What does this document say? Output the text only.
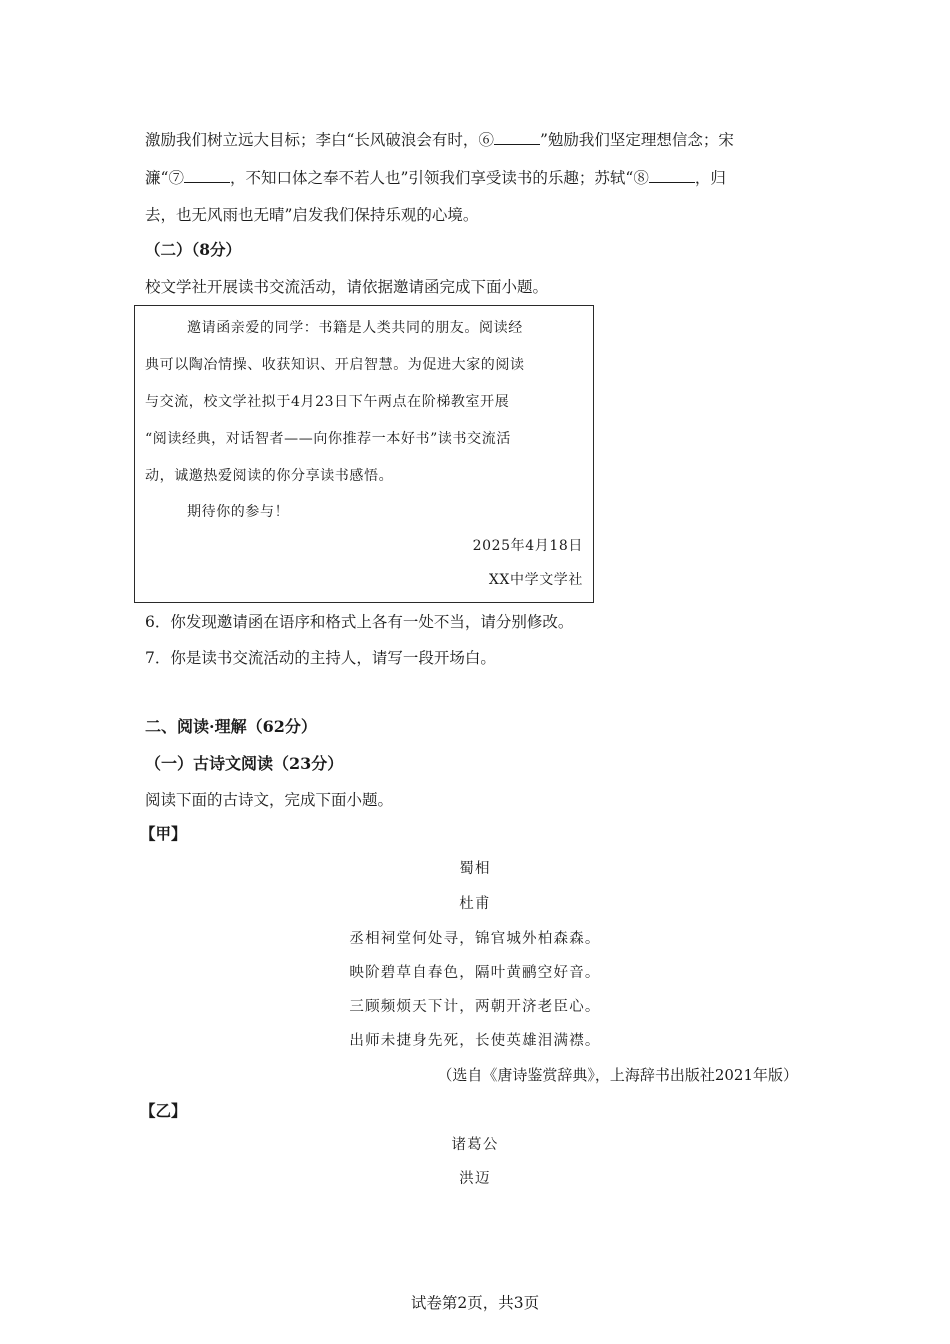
激励我们树立远大目标；李白“长风破浪会有时，⑥	”勉励我们坚定理想信念；宋
濂“⑦	，不知口体之奉不若人也”引领我们享受读书的乐趣；苏轼“⑧	，归
去，也无风雨也无晴”启发我们保持乐观的心境。
（二）（8分）
校文学社开展读书交流活动，请依据邀请函完成下面小题。
邀请函亲爱的同学：书籍是人类共同的朋友。阅读经
典可以陶冶情操、收获知识、开启智慧。为促进大家的阅读
与交流，校文学社拟于4月23日下午两点在阶梯教室开展
“阅读经典，对话智者——向你推荐一本好书”读书交流活
动，诚邀热爱阅读的你分享读书感悟。
期待你的参与！
2025年4月18日
XX中学文学社
6．你发现邀请函在语序和格式上各有一处不当，请分别修改。
7．你是读书交流活动的主持人，请写一段开场白。
二、阅读·理解（62分）
（一）古诗文阅读（23分）
阅读下面的古诗文，完成下面小题。
【甲】
蜀相
杜甫
丞相祠堂何处寻，锦官城外柏森森。
映阶碧草自春色，隔叶黄鹂空好音。
三顾频烦天下计，两朝开济老臣心。
出师未捷身先死，长使英雄泪满襟。
（选自《唐诗鉴赏辞典》，上海辞书出版社2021年版）
【乙】
诸葛公
洪迈
试卷第2页，共3页
